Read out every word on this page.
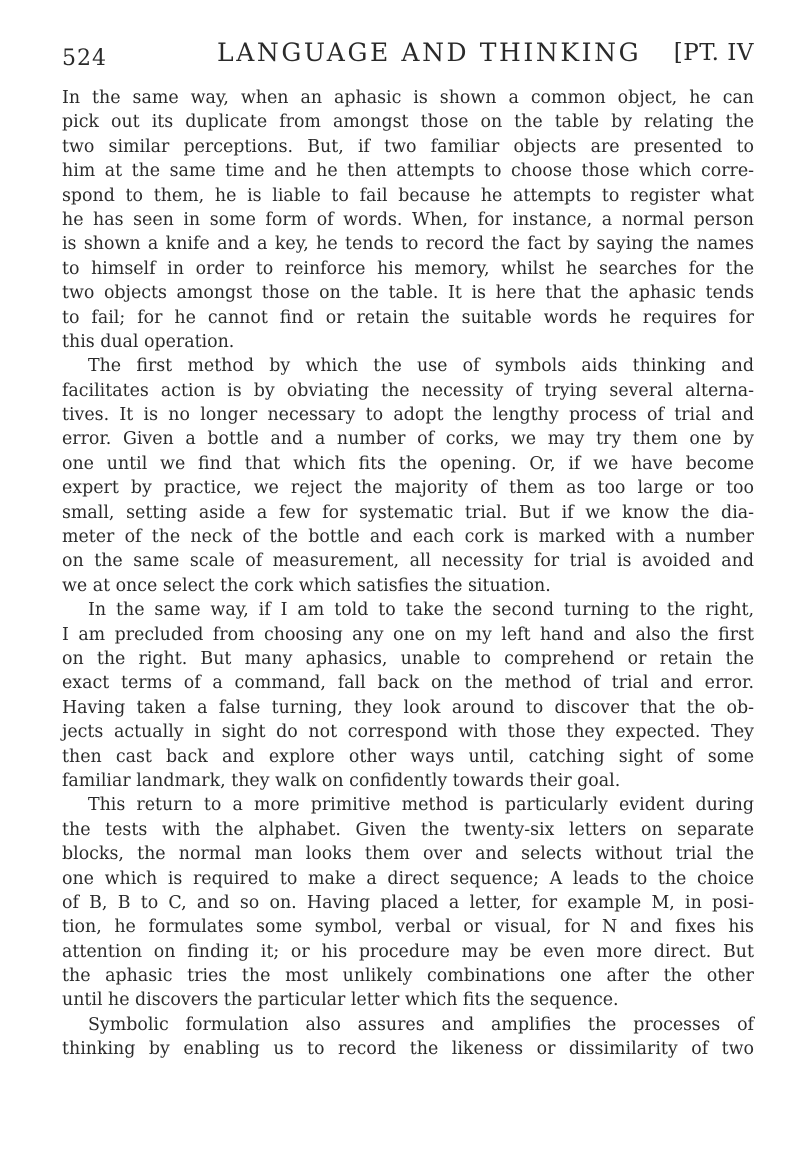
524	LANGUAGE AND THINKING [PT. IV
In the same way, when an aphasic is shown a common object, he can
pick out its duplicate from amongst those on the table by relating the
two similar perceptions. But, if two familiar objects are presented to
him at the same time and he then attempts to choose those which corre-
spond to them, he is liable to fail because he attempts to register what
he has seen in some form of words. When, for instance, a normal person
is shown a knife and a key, he tends to record the fact by saying the names
to himself in order to reinforce his memory, whilst he searches for the
two objects amongst those on the table. It is here that the aphasic tends
to fail; for he cannot find or retain the suitable words he requires for
this dual operation.
The first method by which the use of symbols aids thinking and
facilitates action is by obviating the necessity of trying several alterna-
tives. It is no longer necessary to adopt the lengthy process of trial and
error. Given a bottle and a number of corks, we may try them one by
one until we find that which fits the opening. Or, if we have become
expert by practice, we reject the majority of them as too large or too
small, setting aside a few for systematic trial. But if we know the dia-
meter of the neck of the bottle and each cork is marked with a number
on the same scale of measurement, all necessity for trial is avoided and
we at once select the cork which satisfies the situation.
In the same way, if I am told to take the second turning to the right,
I am precluded from choosing any one on my left hand and also the first
on the right. But many aphasics, unable to comprehend or retain the
exact terms of a command, fall back on the method of trial and error.
Having taken a false turning, they look around to discover that the ob-
jects actually in sight do not correspond with those they expected. They
then cast back and explore other ways until, catching sight of some
familiar landmark, they walk on confidently towards their goal.
This return to a more primitive method is particularly evident during
the tests with the alphabet. Given the twenty-six letters on separate
blocks, the normal man looks them over and selects without trial the
one which is required to make a direct sequence; A leads to the choice
of B, B to C, and so on. Having placed a letter, for example M, in posi-
tion, he formulates some symbol, verbal or visual, for N and fixes his
attention on finding it; or his procedure may be even more direct. But
the aphasic tries the most unlikely combinations one after the other
until he discovers the particular letter which fits the sequence.
Symbolic formulation also assures and amplifies the processes of
thinking by enabling us to record the likeness or dissimilarity of two
